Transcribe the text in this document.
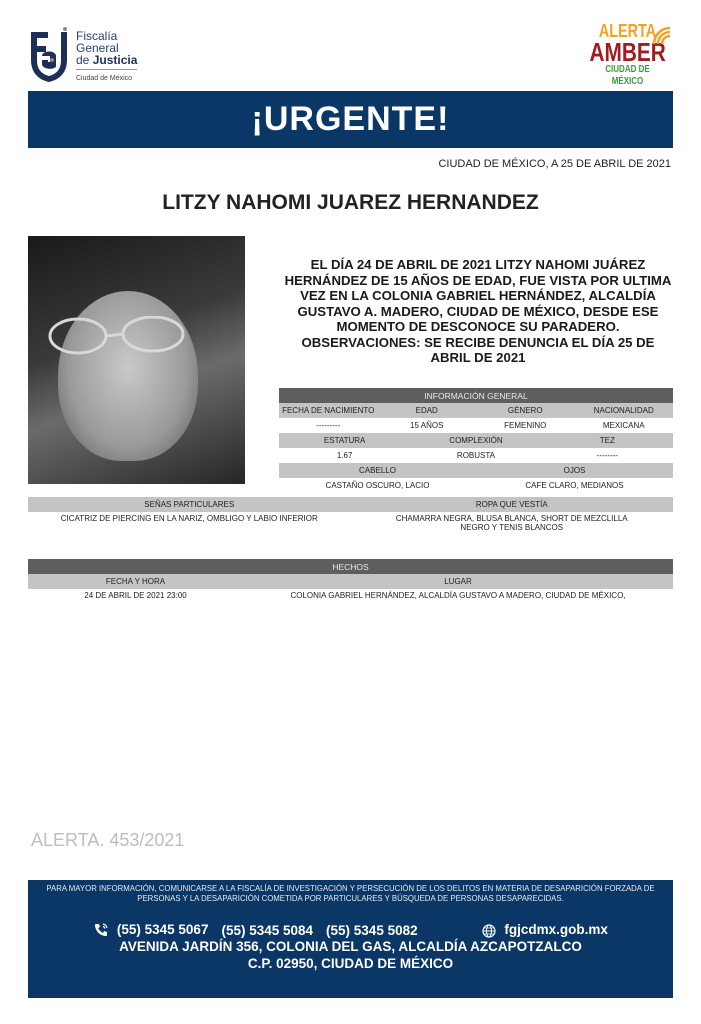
Fiscalía
General
de Justicia
Ciudad de México
ALERTA
AMBER
CIUDAD DE MÉXICO
¡URGENTE!
CIUDAD DE MÉXICO, A 25 DE ABRIL DE 2021
LITZY NAHOMI JUAREZ HERNANDEZ
EL DÍA 24 DE ABRIL DE 2021 LITZY NAHOMI JUÁREZ HERNÁNDEZ DE 15 AÑOS DE EDAD, FUE VISTA POR ULTIMA VEZ EN LA COLONIA GABRIEL HERNÁNDEZ, ALCALDÍA GUSTAVO A. MADERO, CIUDAD DE MÉXICO, DESDE ESE MOMENTO DE DESCONOCE SU PARADERO. OBSERVACIONES: SE RECIBE DENUNCIA EL DÍA 25 DE ABRIL DE 2021
INFORMACIÓN GENERAL					
FECHA DE NACIMIENTO	EDAD		GÉNERO		NACIONALIDAD
---------	15 AÑOS		FEMENINO		MEXICANA
ESTATURA		COMPLEXIÓN		TEZ	
1.67		ROBUSTA		--------	
CABELLO			OJOS		
CASTAÑO OSCURO, LACIO			CAFE CLARO, MEDIANOS		
SEÑAS PARTICULARES	ROPA QUE VESTÍA
CICATRIZ DE PIERCING EN LA NARIZ, OMBLIGO Y LABIO INFERIOR	CHAMARRA NEGRA, BLUSA BLANCA, SHORT DE MEZCLILLA NEGRO Y TENIS BLANCOS
HECHOS	
FECHA Y HORA	LUGAR
24 DE ABRIL DE 2021 23:00	COLONIA GABRIEL HERNÁNDEZ, ALCALDÍA GUSTAVO A MADERO, CIUDAD DE MÉXICO,
ALERTA. 453/2021
PARA MAYOR INFORMACIÓN, COMUNICARSE A LA FISCALÍA DE INVESTIGACIÓN Y PERSECUCIÓN DE LOS DELITOS EN MATERIA DE DESAPARICIÓN FORZADA DE PERSONAS Y LA DESAPARICIÓN COMETIDA POR PARTICULARES Y BÚSQUEDA DE PERSONAS DESAPARECIDAS.
(55) 5345 5067 (55) 5345 5084 (55) 5345 5082	fgjcdmx.gob.mx
AVENIDA JARDÍN 356, COLONIA DEL GAS, ALCALDÍA AZCAPOTZALCO
C.P. 02950, CIUDAD DE MÉXICO
